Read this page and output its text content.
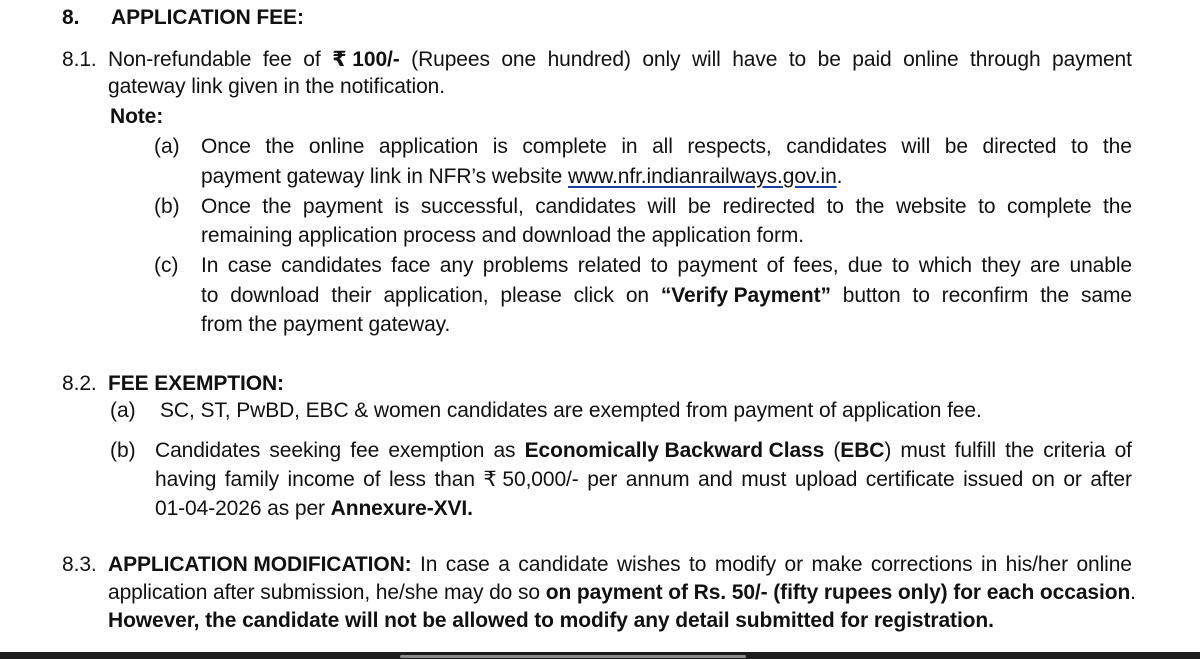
8. APPLICATION FEE:
8.1. Non-refundable fee of ₹ 100/- (Rupees one hundred) only will have to be paid online through payment
gateway link given in the notification.
Note:
(a) Once the online application is complete in all respects, candidates will be directed to the
payment gateway link in NFR’s website www.nfr.indianrailways.gov.in.
(b) Once the payment is successful, candidates will be redirected to the website to complete the
remaining application process and download the application form.
(c) In case candidates face any problems related to payment of fees, due to which they are unable
to download their application, please click on “Verify Payment” button to reconfirm the same
from the payment gateway.
8.2. FEE EXEMPTION:
(a) SC, ST, PwBD, EBC & women candidates are exempted from payment of application fee.
(b) Candidates seeking fee exemption as Economically Backward Class (EBC) must fulfill the criteria of
having family income of less than ₹ 50,000/- per annum and must upload certificate issued on or after
01-04-2026 as per Annexure-XVI.
8.3. APPLICATION MODIFICATION: In case a candidate wishes to modify or make corrections in his/her online
application after submission, he/she may do so on payment of Rs. 50/- (fifty rupees only) for each occasion.
However, the candidate will not be allowed to modify any detail submitted for registration.
